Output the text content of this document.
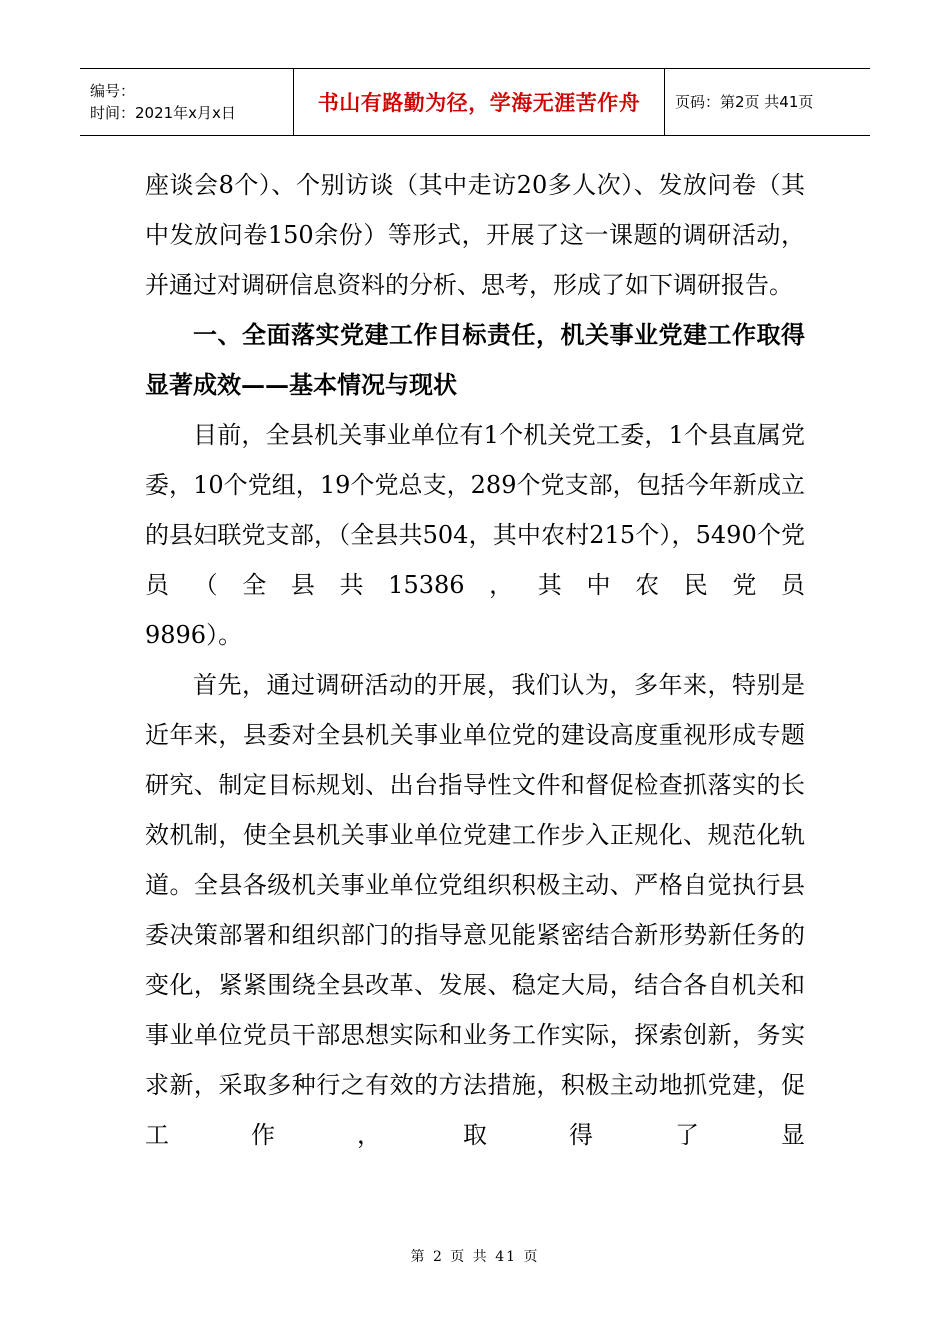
编号：
时间：2021年x月x日	书山有路勤为径，学海无涯苦作舟	页码：第2页 共41页

座谈会8个）、个别访谈（其中走访20多人次）、发放问卷（其中发放问卷150余份）等形式，开展了这一课题的调研活动，并通过对调研信息资料的分析、思考，形成了如下调研报告。

一、全面落实党建工作目标责任，机关事业党建工作取得显著成效——基本情况与现状

目前，全县机关事业单位有1个机关党工委，1个县直属党委，10个党组，19个党总支，289个党支部，包括今年新成立的县妇联党支部，（全县共504，其中农村215个），5490个党员（全县共15386，其中农民党员

9896）。

首先，通过调研活动的开展，我们认为，多年来，特别是近年来，县委对全县机关事业单位党的建设高度重视形成专题研究、制定目标规划、出台指导性文件和督促检查抓落实的长效机制，使全县机关事业单位党建工作步入正规化、规范化轨道。全县各级机关事业单位党组织积极主动、严格自觉执行县委决策部署和组织部门的指导意见能紧密结合新形势新任务的变化，紧紧围绕全县改革、发展、稳定大局，结合各自机关和事业单位党员干部思想实际和业务工作实际，探索创新，务实求新，采取多种行之有效的方法措施，积极主动地抓党建，促工作，取得了显

第 2 页 共 41 页
